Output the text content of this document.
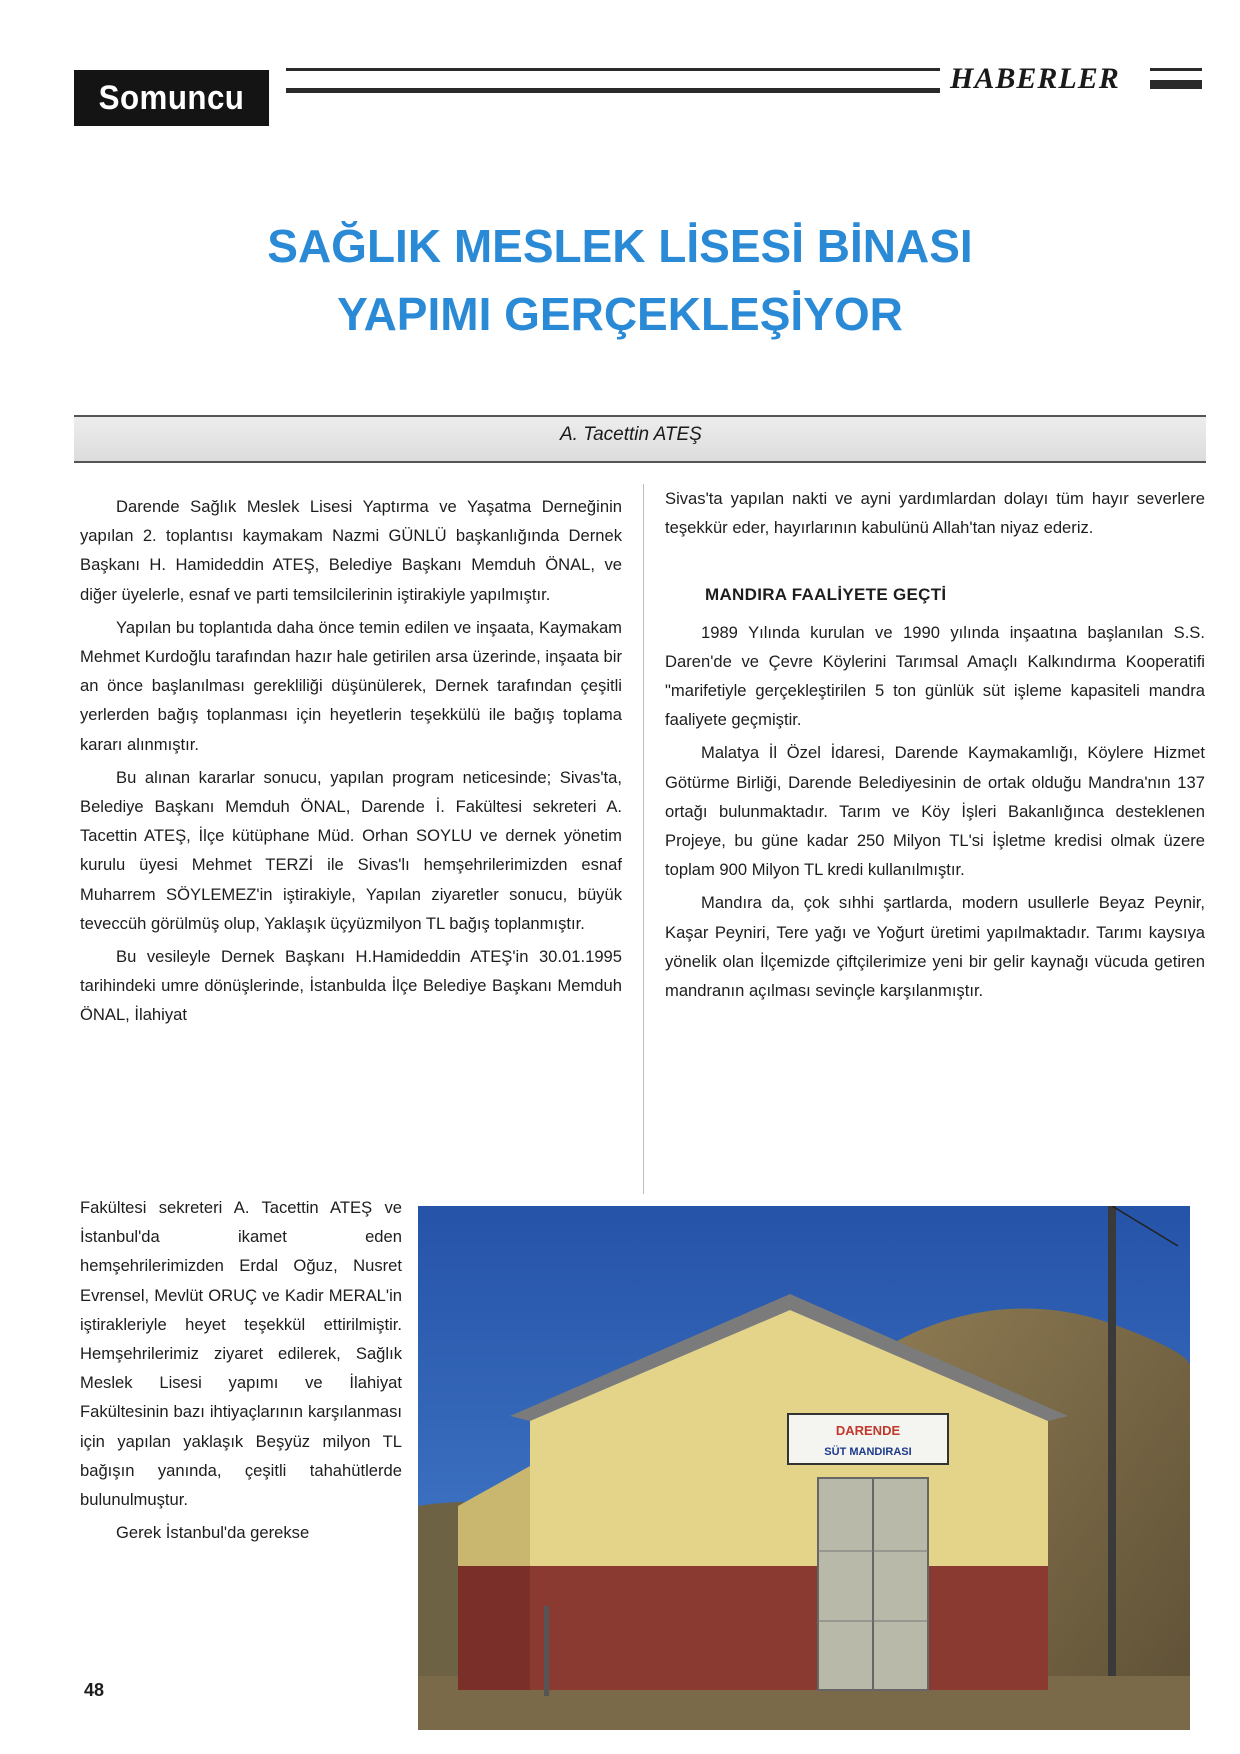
Somuncu Baba
HABERLER
SAĞLIK MESLEK LİSESİ BİNASI
YAPIMI GERÇEKLEŞİYOR
A. Tacettin ATEŞ

Darende Sağlık Meslek Lisesi Yaptırma ve Yaşatma Derneğinin yapılan 2. toplantısı kaymakam Nazmi GÜNLÜ başkanlığında Dernek Başkanı H. Hamideddin ATEŞ, Belediye Başkanı Memduh ÖNAL, ve diğer üyelerle, esnaf ve parti temsilcilerinin iştirakiyle yapılmıştır.

Yapılan bu toplantıda daha önce temin edilen ve inşaata, Kaymakam Mehmet Kurdoğlu tarafından hazır hale getirilen arsa üzerinde, inşaata bir an önce başlanılması gerekliliği düşünülerek, Dernek tarafından çeşitli yerlerden bağış toplanması için heyetlerin teşekkülü ile bağış toplama kararı alınmıştır.

Bu alınan kararlar sonucu, yapılan program neticesinde; Sivas'ta, Belediye Başkanı Memduh ÖNAL, Darende İ. Fakültesi sekreteri A. Tacettin ATEŞ, İlçe kütüphane Müd. Orhan SOYLU ve dernek yönetim kurulu üyesi Mehmet TERZİ ile Sivas'lı hemşehrilerimizden esnaf Muharrem SÖYLEMEZ'in iştirakiyle, Yapılan ziyaretler sonucu, büyük teveccüh görülmüş olup, Yaklaşık üçyüzmilyon TL bağış toplanmıştır.

Bu vesileyle Dernek Başkanı H.Hamideddin ATEŞ'in 30.01.1995 tarihindeki umre dönüşlerinde, İstanbulda İlçe Belediye Başkanı Memduh ÖNAL, İlahiyat

Fakültesi sekreteri A. Tacettin ATEŞ ve İstanbul'da ikamet eden hemşehrilerimizden Erdal Oğuz, Nusret Evrensel, Mevlüt ORUÇ ve Kadir MERAL'in iştirakleriyle heyet teşekkül ettirilmiştir. Hemşehrilerimiz ziyaret edilerek, Sağlık Meslek Lisesi yapımı ve İlahiyat Fakültesinin bazı ihtiyaçlarının karşılanması için yapılan yaklaşık Beşyüz milyon TL bağışın yanında, çeşitli tahahütlerde bulunulmuştur.

Gerek İstanbul'da gerekse

Sivas'ta yapılan nakti ve ayni yardımlardan dolayı tüm hayır severlere teşekkür eder, hayırlarının kabulünü Allah'tan niyaz ederiz.

MANDIRA FAALİYETE GEÇTİ

1989 Yılında kurulan ve 1990 yılında inşaatına başlanılan S.S. Daren'de ve Çevre Köylerini Tarımsal Amaçlı Kalkındırma Kooperatifi "marifetiyle gerçekleştirilen 5 ton günlük süt işleme kapasiteli mandra faaliyete geçmiştir.

Malatya İl Özel İdaresi, Darende Kaymakamlığı, Köylere Hizmet Götürme Birliği, Darende Belediyesinin de ortak olduğu Mandra'nın 137 ortağı bulunmaktadır. Tarım ve Köy İşleri Bakanlığınca desteklenen Projeye, bu güne kadar 250 Milyon TL'si İşletme kredisi olmak üzere toplam 900 Milyon TL kredi kullanılmıştır.

Mandıra da, çok sıhhi şartlarda, modern usullerle Beyaz Peynir, Kaşar Peyniri, Tere yağı ve Yoğurt üretimi yapılmaktadır. Tarımı kaysıya yönelik olan İlçemizde çiftçilerimize yeni bir gelir kaynağı vücuda getiren mandranın açılması sevinçle karşılanmıştır.

DARENDE
SÜT MANDIRASI
48
